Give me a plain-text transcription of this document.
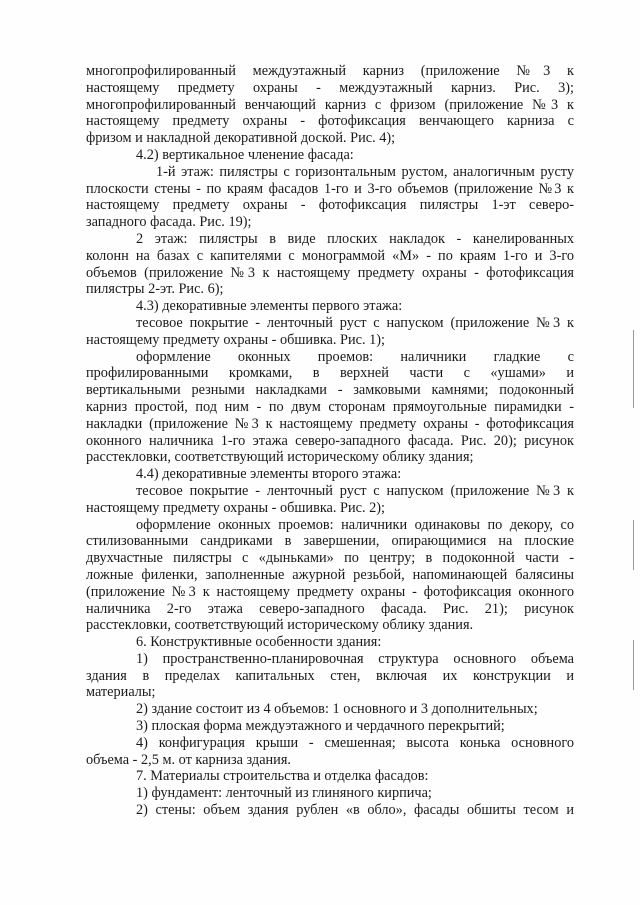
многопрофилированный междуэтажный карниз (приложение №3 к
настоящему предмету охраны - междуэтажный карниз. Рис. 3);
многопрофилированный венчающий карниз с фризом (приложение №3 к
настоящему предмету охраны - фотофиксация венчающего карниза с
фризом и накладной декоративной доской. Рис. 4);
4.2) вертикальное членение фасада:
1-й этаж: пилястры с горизонтальным рустом, аналогичным русту
плоскости стены - по краям фасадов 1-го и 3-го объемов (приложение №3 к
настоящему предмету охраны - фотофиксация пилястры 1-эт северо-
западного фасада. Рис. 19);
2 этаж: пилястры в виде плоских накладок - канелированных
колонн на базах с капителями с монограммой «М» - по краям 1-го и 3-го
объемов (приложение №3 к настоящему предмету охраны - фотофиксация
пилястры 2-эт. Рис. 6);
4.3) декоративные элементы первого этажа:
тесовое покрытие - ленточный руст с напуском (приложение №3 к
настоящему предмету охраны - обшивка. Рис. 1);
оформление оконных проемов: наличники гладкие с
профилированными кромками, в верхней части с «ушами» и
вертикальными резными накладками - замковыми камнями; подоконный
карниз простой, под ним - по двум сторонам прямоугольные пирамидки -
накладки (приложение №3 к настоящему предмету охраны - фотофиксация
оконного наличника 1-го этажа северо-западного фасада. Рис. 20); рисунок
расстекловки, соответствующий историческому облику здания;
4.4) декоративные элементы второго этажа:
тесовое покрытие - ленточный руст с напуском (приложение №3 к
настоящему предмету охраны - обшивка. Рис. 2);
оформление оконных проемов: наличники одинаковы по декору, со
стилизованными сандриками в завершении, опирающимися на плоские
двухчастные пилястры с «дыньками» по центру; в подоконной части -
ложные филенки, заполненные ажурной резьбой, напоминающей балясины
(приложение №3 к настоящему предмету охраны - фотофиксация оконного
наличника 2-го этажа северо-западного фасада. Рис. 21); рисунок
расстекловки, соответствующий историческому облику здания.
6. Конструктивные особенности здания:
1) пространственно-планировочная структура основного объема
здания в пределах капитальных стен, включая их конструкции и
материалы;
2) здание состоит из 4 объемов: 1 основного и 3 дополнительных;
3) плоская форма междуэтажного и чердачного перекрытий;
4) конфигурация крыши - смешенная; высота конька основного
объема - 2,5 м. от карниза здания.
7. Материалы строительства и отделка фасадов:
1) фундамент: ленточный из глиняного кирпича;
2) стены: объем здания рублен «в обло», фасады обшиты тесом и
